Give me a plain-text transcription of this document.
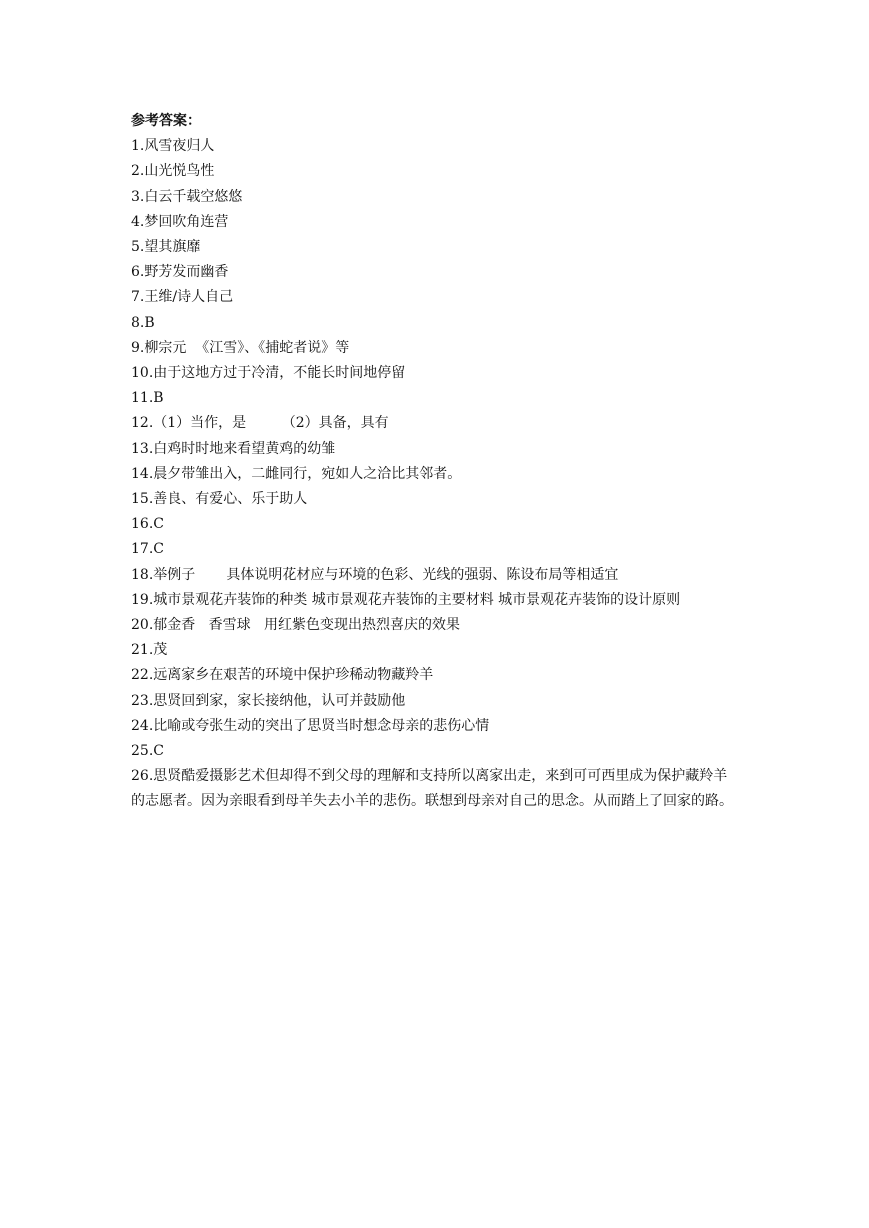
参考答案：
1.风雪夜归人
2.山光悦鸟性
3.白云千载空悠悠
4.梦回吹角连营
5.望其旗靡
6.野芳发而幽香
7.王维/诗人自己
8.B
9.柳宗元  《江雪》、《捕蛇者说》等
10.由于这地方过于冷清，不能长时间地停留
11.B
12.（1）当作，是        （2）具备，具有
13.白鸡时时地来看望黄鸡的幼雏
14.晨夕带雏出入，二雌同行，宛如人之洽比其邻者。
15.善良、有爱心、乐于助人
16.C
17.C
18.举例子       具体说明花材应与环境的色彩、光线的强弱、陈设布局等相适宜
19.城市景观花卉装饰的种类 城市景观花卉装饰的主要材料 城市景观花卉装饰的设计原则
20.郁金香   香雪球   用红紫色变现出热烈喜庆的效果
21.茂
22.远离家乡在艰苦的环境中保护珍稀动物藏羚羊
23.思贤回到家，家长接纳他，认可并鼓励他
24.比喻或夸张生动的突出了思贤当时想念母亲的悲伤心情
25.C
26.思贤酷爱摄影艺术但却得不到父母的理解和支持所以离家出走，来到可可西里成为保护藏羚羊的志愿者。因为亲眼看到母羊失去小羊的悲伤。联想到母亲对自己的思念。从而踏上了回家的路。
